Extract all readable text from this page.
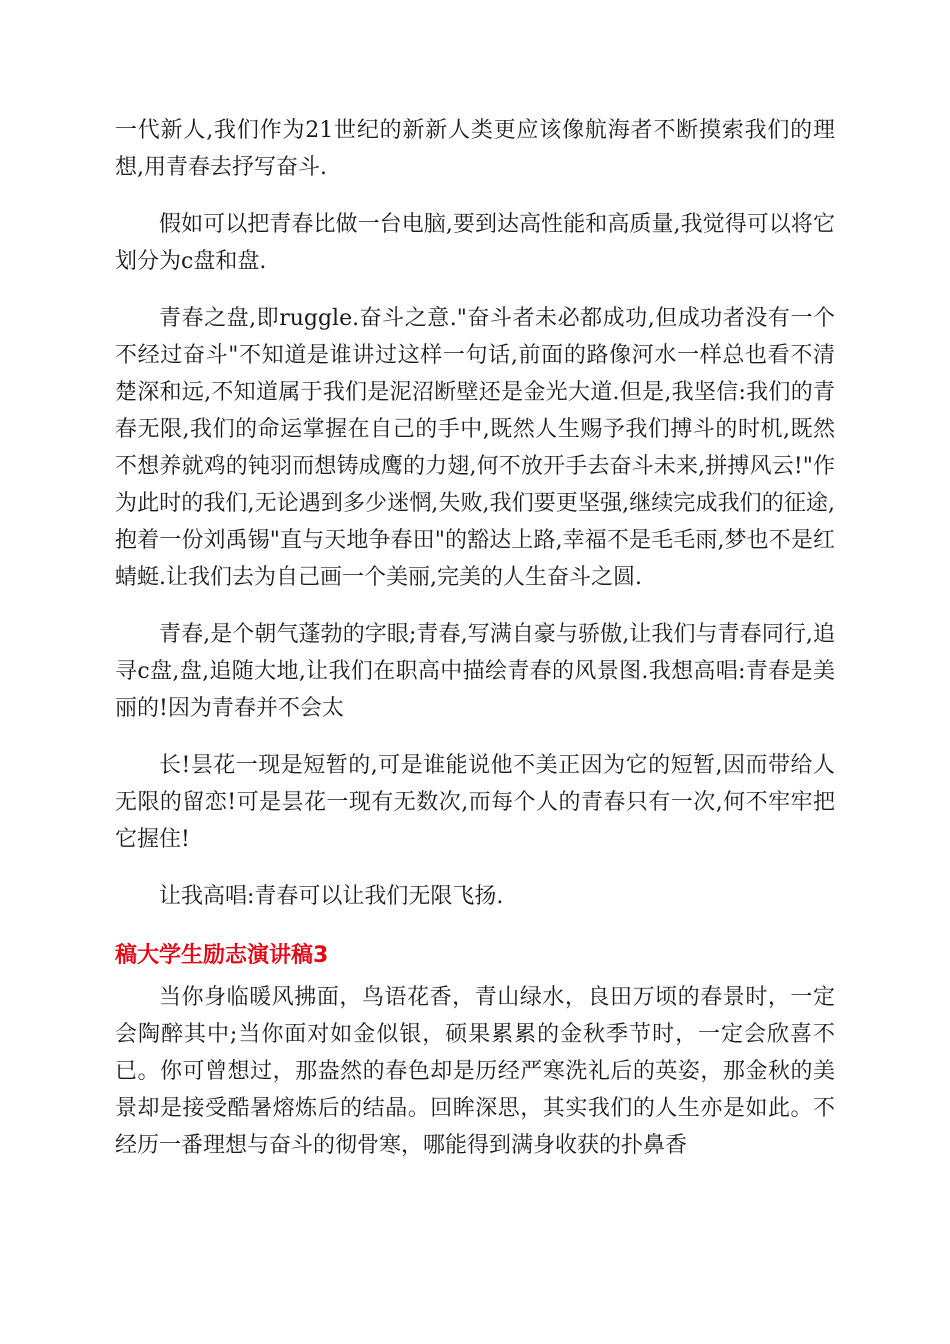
一代新人,我们作为21世纪的新新人类更应该像航海者不断摸索我们的理想,用青春去抒写奋斗.

假如可以把青春比做一台电脑,要到达高性能和高质量,我觉得可以将它划分为c盘和盘.

青春之盘,即ruggle.奋斗之意."奋斗者未必都成功,但成功者没有一个不经过奋斗"不知道是谁讲过这样一句话,前面的路像河水一样总也看不清楚深和远,不知道属于我们是泥沼断壁还是金光大道.但是,我坚信:我们的青春无限,我们的命运掌握在自己的手中,既然人生赐予我们搏斗的时机,既然不想养就鸡的钝羽而想铸成鹰的力翅,何不放开手去奋斗未来,拼搏风云!"作为此时的我们,无论遇到多少迷惘,失败,我们要更坚强,继续完成我们的征途,抱着一份刘禹锡"直与天地争春田"的豁达上路,幸福不是毛毛雨,梦也不是红蜻蜓.让我们去为自己画一个美丽,完美的人生奋斗之圆.

青春,是个朝气蓬勃的字眼;青春,写满自豪与骄傲,让我们与青春同行,追寻c盘,盘,追随大地,让我们在职高中描绘青春的风景图.我想高唱:青春是美丽的!因为青春并不会太

长!昙花一现是短暂的,可是谁能说他不美正因为它的短暂,因而带给人无限的留恋!可是昙花一现有无数次,而每个人的青春只有一次,何不牢牢把它握住!

让我高唱:青春可以让我们无限飞扬.

稿大学生励志演讲稿3

当你身临暖风拂面，鸟语花香，青山绿水，良田万顷的春景时，一定会陶醉其中;当你面对如金似银，硕果累累的金秋季节时，一定会欣喜不已。你可曾想过，那盎然的春色却是历经严寒洗礼后的英姿，那金秋的美景却是接受酷暑熔炼后的结晶。回眸深思，其实我们的人生亦是如此。不经历一番理想与奋斗的彻骨寒，哪能得到满身收获的扑鼻香
